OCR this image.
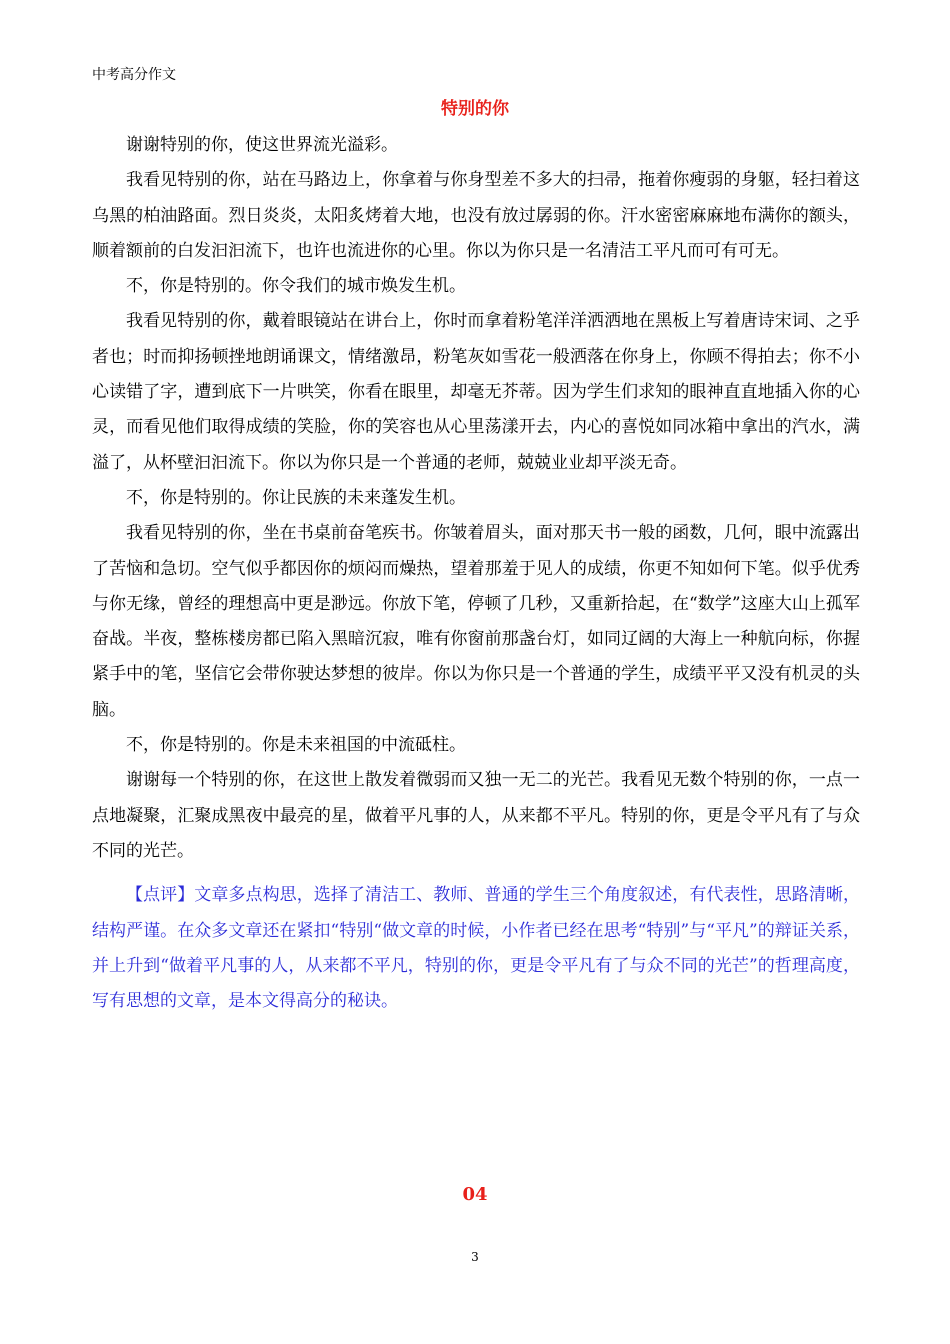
中考高分作文
特别的你

谢谢特别的你，使这世界流光溢彩。

我看见特别的你，站在马路边上，你拿着与你身型差不多大的扫帚，拖着你瘦弱的身躯，轻扫着这乌黑的柏油路面。烈日炎炎，太阳炙烤着大地，也没有放过孱弱的你。汗水密密麻麻地布满你的额头，顺着额前的白发汩汩流下，也许也流进你的心里。你以为你只是一名清洁工平凡而可有可无。

不，你是特别的。你令我们的城市焕发生机。

我看见特别的你，戴着眼镜站在讲台上，你时而拿着粉笔洋洋洒洒地在黑板上写着唐诗宋词、之乎者也；时而抑扬顿挫地朗诵课文，情绪激昂，粉笔灰如雪花一般洒落在你身上，你顾不得拍去；你不小心读错了字，遭到底下一片哄笑，你看在眼里，却毫无芥蒂。因为学生们求知的眼神直直地插入你的心灵，而看见他们取得成绩的笑脸，你的笑容也从心里荡漾开去，内心的喜悦如同冰箱中拿出的汽水，满溢了，从杯壁汩汩流下。你以为你只是一个普通的老师，兢兢业业却平淡无奇。

不，你是特别的。你让民族的未来蓬发生机。

我看见特别的你，坐在书桌前奋笔疾书。你皱着眉头，面对那天书一般的函数，几何，眼中流露出了苦恼和急切。空气似乎都因你的烦闷而燥热，望着那羞于见人的成绩，你更不知如何下笔。似乎优秀与你无缘，曾经的理想高中更是渺远。你放下笔，停顿了几秒，又重新拾起，在“数学”这座大山上孤军奋战。半夜，整栋楼房都已陷入黑暗沉寂，唯有你窗前那盏台灯，如同辽阔的大海上一种航向标，你握紧手中的笔，坚信它会带你驶达梦想的彼岸。你以为你只是一个普通的学生，成绩平平又没有机灵的头脑。

不，你是特别的。你是未来祖国的中流砥柱。

谢谢每一个特别的你，在这世上散发着微弱而又独一无二的光芒。我看见无数个特别的你，一点一点地凝聚，汇聚成黑夜中最亮的星，做着平凡事的人，从来都不平凡。特别的你，更是令平凡有了与众不同的光芒。

【点评】文章多点构思，选择了清洁工、教师、普通的学生三个角度叙述，有代表性，思路清晰，结构严谨。在众多文章还在紧扣“特别“做文章的时候，小作者已经在思考“特别”与“平凡”的辩证关系，并上升到“做着平凡事的人，从来都不平凡，特别的你，更是令平凡有了与众不同的光芒”的哲理高度，写有思想的文章，是本文得高分的秘诀。

04
3
